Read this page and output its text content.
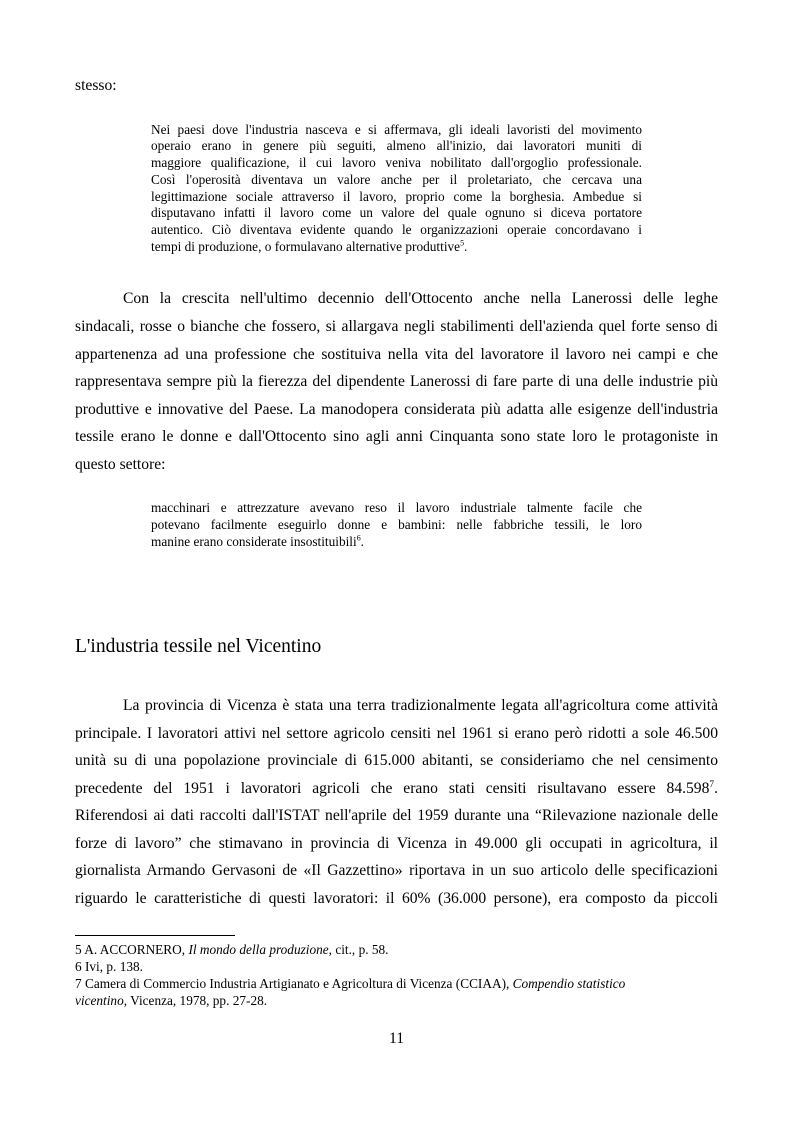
stesso:
Nei paesi dove l'industria nasceva e si affermava, gli ideali lavoristi del movimento
operaio erano in genere più seguiti, almeno all'inizio, dai lavoratori muniti di
maggiore qualificazione, il cui lavoro veniva nobilitato dall'orgoglio professionale.
Così l'operosità diventava un valore anche per il proletariato, che cercava una
legittimazione sociale attraverso il lavoro, proprio come la borghesia. Ambedue si
disputavano infatti il lavoro come un valore del quale ognuno si diceva portatore
autentico. Ciò diventava evidente quando le organizzazioni operaie concordavano i
tempi di produzione, o formulavano alternative produttive$^5$.
Con la crescita nell'ultimo decennio dell'Ottocento anche nella Lanerossi delle leghe
sindacali, rosse o bianche che fossero, si allargava negli stabilimenti dell'azienda quel forte senso di
appartenenza ad una professione che sostituiva nella vita del lavoratore il lavoro nei campi e che
rappresentava sempre più la fierezza del dipendente Lanerossi di fare parte di una delle industrie più
produttive e innovative del Paese. La manodopera considerata più adatta alle esigenze dell'industria
tessile erano le donne e dall'Ottocento sino agli anni Cinquanta sono state loro le protagoniste in
questo settore:
macchinari e attrezzature avevano reso il lavoro industriale talmente facile che
potevano facilmente eseguirlo donne e bambini: nelle fabbriche tessili, le loro
manine erano considerate insostituibili$^6$.
L'industria tessile nel Vicentino
La provincia di Vicenza è stata una terra tradizionalmente legata all'agricoltura come attività
principale. I lavoratori attivi nel settore agricolo censiti nel 1961 si erano però ridotti a sole 46.500
unità su di una popolazione provinciale di 615.000 abitanti, se consideriamo che nel censimento
precedente del 1951 i lavoratori agricoli che erano stati censiti risultavano essere 84.598$^7$.
Riferendosi ai dati raccolti dall'ISTAT nell'aprile del 1959 durante una “Rilevazione nazionale delle
forze di lavoro” che stimavano in provincia di Vicenza in 49.000 gli occupati in agricoltura, il
giornalista Armando Gervasoni de «Il Gazzettino» riportava in un suo articolo delle specificazioni
riguardo le caratteristiche di questi lavoratori: il 60% (36.000 persone), era composto da piccoli
5 A. ACCORNERO, Il mondo della produzione, cit., p. 58.
6 Ivi, p. 138.
7 Camera di Commercio Industria Artigianato e Agricoltura di Vicenza (CCIAA), Compendio statistico
vicentino, Vicenza, 1978, pp. 27-28.
11
